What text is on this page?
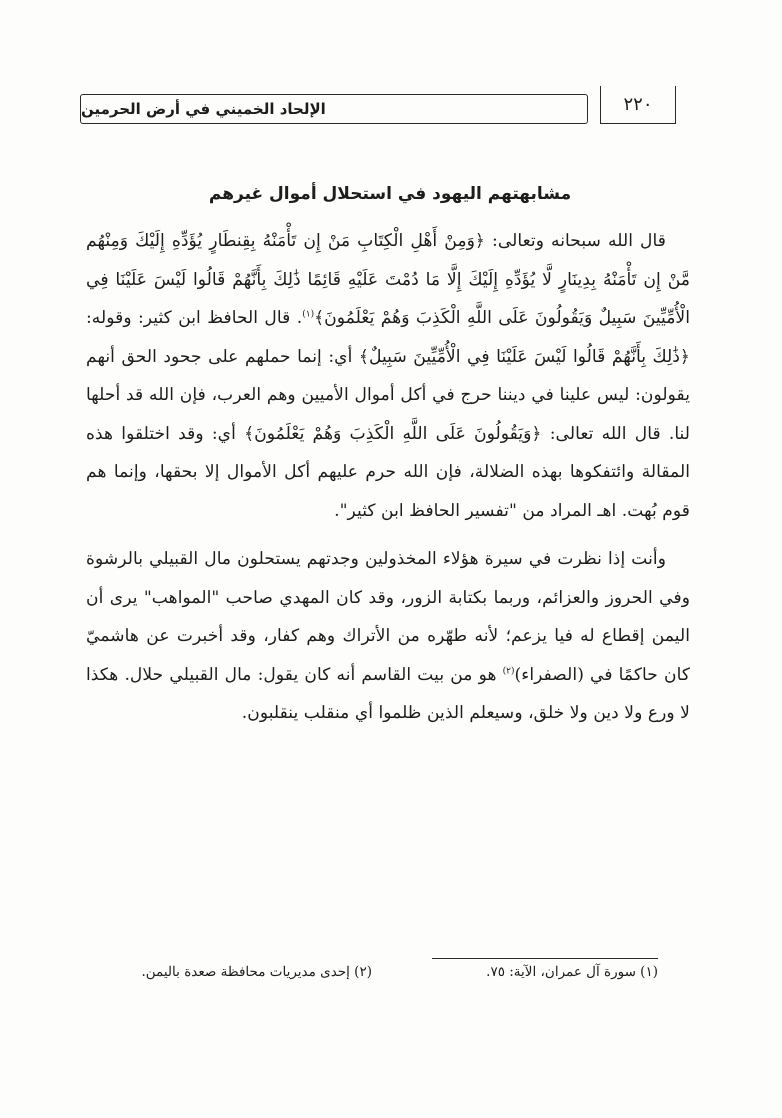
الإلحاد الخميني في أرض الحرمين	٢٢٠
مشابهتهم اليهود في استحلال أموال غيرهم

قال الله سبحانه وتعالى: ﴿وَمِنْ أَهْلِ الْكِتَابِ مَنْ إِن تَأْمَنْهُ بِقِنطَارٍ يُؤَدِّهِ إِلَيْكَ وَمِنْهُم مَّنْ إِن تَأْمَنْهُ بِدِينَارٍ لَّا يُؤَدِّهِ إِلَيْكَ إِلَّا مَا دُمْتَ عَلَيْهِ قَائِمًا ذَٰلِكَ بِأَنَّهُمْ قَالُوا لَيْسَ عَلَيْنَا فِي الْأُمِّيِّينَ سَبِيلٌ وَيَقُولُونَ عَلَى اللَّهِ الْكَذِبَ وَهُمْ يَعْلَمُونَ﴾$^{(١)}$. قال الحافظ ابن كثير: وقوله: ﴿ذَٰلِكَ بِأَنَّهُمْ قَالُوا لَيْسَ عَلَيْنَا فِي الْأُمِّيِّينَ سَبِيلٌ﴾ أي: إنما حملهم على جحود الحق أنهم يقولون: ليس علينا في ديننا حرج في أكل أموال الأميين وهم العرب، فإن الله قد أحلها لنا. قال الله تعالى: ﴿وَيَقُولُونَ عَلَى اللَّهِ الْكَذِبَ وَهُمْ يَعْلَمُونَ﴾ أي: وقد اختلقوا هذه المقالة وائتفكوها بهذه الضلالة، فإن الله حرم عليهم أكل الأموال إلا بحقها، وإنما هم قوم بُهت. اهـ المراد من "تفسير الحافظ ابن كثير".

وأنت إذا نظرت في سيرة هؤلاء المخذولين وجدتهم يستحلون مال القبيلي بالرشوة وفي الحروز والعزائم، وربما بكتابة الزور، وقد كان المهدي صاحب "المواهب" يرى أن اليمن إقطاع له فيا يزعم؛ لأنه طهّره من الأتراك وهم كفار، وقد أخبرت عن هاشميّ كان حاكمًا في (الصفراء)$^{(٢)}$ هو من بيت القاسم أنه كان يقول: مال القبيلي حلال. هكذا لا ورع ولا دين ولا خلق، وسيعلم الذين ظلموا أي منقلب ينقلبون.

(١) سورة آل عمران، الآية: ٧٥.
(٢) إحدى مديريات محافظة صعدة باليمن.
